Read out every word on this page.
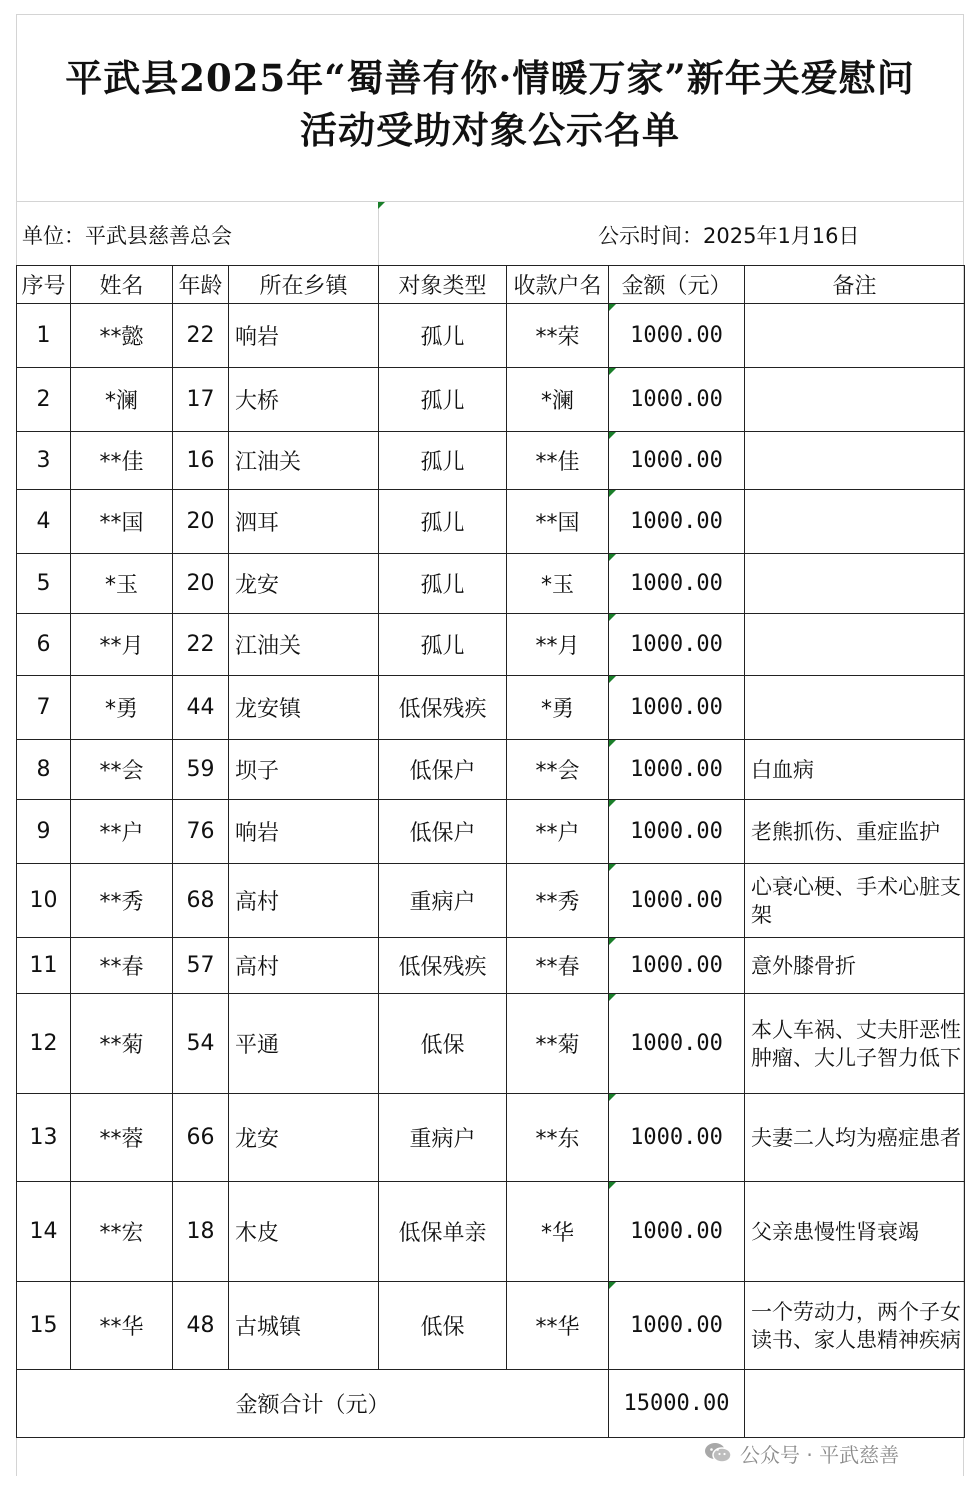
平武县2025年“蜀善有你·情暖万家”新年关爱慰问
活动受助对象公示名单
单位：平武县慈善总会	公示时间：2025年1月16日
序号	姓名	年龄	所在乡镇	对象类型	收款户名	金额（元）	备注
1	**懿	22	响岩	孤儿	**荣	1000.00	
2	*澜	17	大桥	孤儿	*澜	1000.00	
3	**佳	16	江油关	孤儿	**佳	1000.00	
4	**国	20	泗耳	孤儿	**国	1000.00	
5	*玉	20	龙安	孤儿	*玉	1000.00	
6	**月	22	江油关	孤儿	**月	1000.00	
7	*勇	44	龙安镇	低保残疾	*勇	1000.00	
8	**会	59	坝子	低保户	**会	1000.00	白血病
9	**户	76	响岩	低保户	**户	1000.00	老熊抓伤、重症监护
10	**秀	68	高村	重病户	**秀	1000.00	心衰心梗、手术心脏支架
11	**春	57	高村	低保残疾	**春	1000.00	意外膝骨折
12	**菊	54	平通	低保	**菊	1000.00	本人车祸、丈夫肝恶性肿瘤、大儿子智力低下
13	**蓉	66	龙安	重病户	**东	1000.00	夫妻二人均为癌症患者
14	**宏	18	木皮	低保单亲	*华	1000.00	父亲患慢性肾衰竭
15	**华	48	古城镇	低保	**华	1000.00	一个劳动力，两个子女读书、家人患精神疾病
金额合计（元）						15000.00	
公众号 · 平武慈善
